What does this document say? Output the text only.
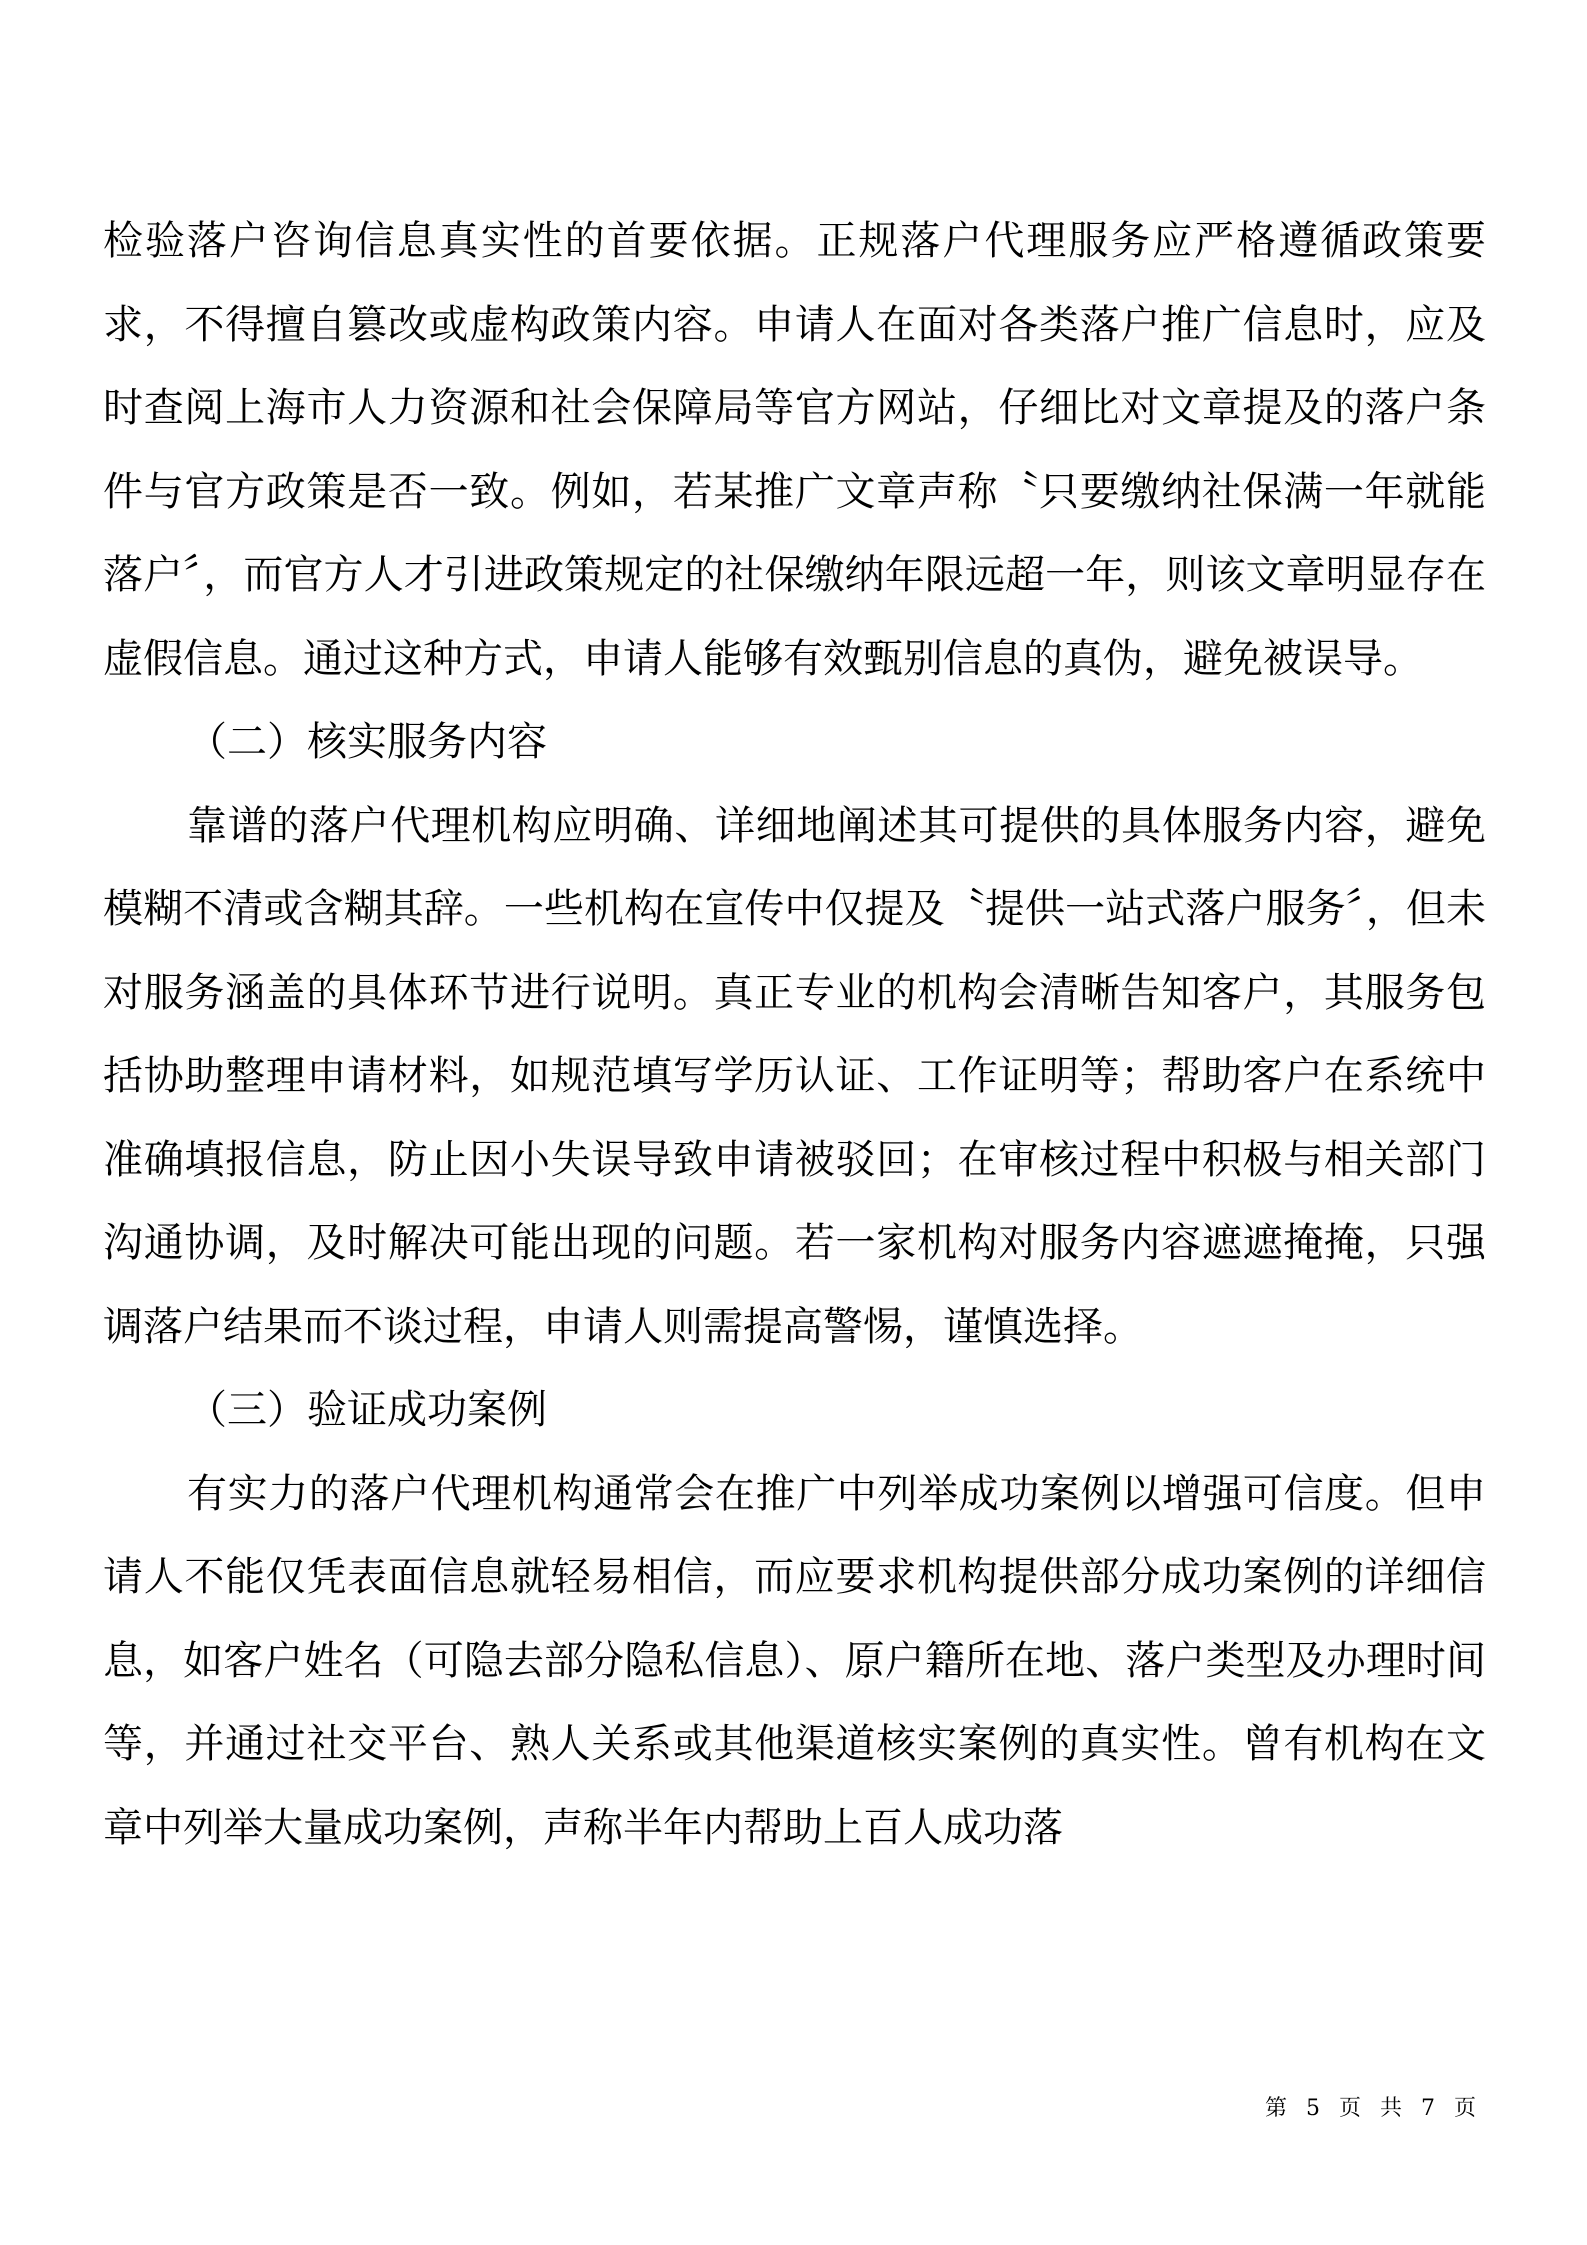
检验落户咨询信息真实性的首要依据。正规落户代理服务应严格遵循政策要求，不得擅自篡改或虚构政策内容。申请人在面对各类落户推广信息时，应及时查阅上海市人力资源和社会保障局等官方网站，仔细比对文章提及的落户条件与官方政策是否一致。例如，若某推广文章声称〝只要缴纳社保满一年就能落户〞，而官方人才引进政策规定的社保缴纳年限远超一年，则该文章明显存在虚假信息。通过这种方式，申请人能够有效甄别信息的真伪，避免被误导。

（二）核实服务内容

靠谱的落户代理机构应明确、详细地阐述其可提供的具体服务内容，避免模糊不清或含糊其辞。一些机构在宣传中仅提及〝提供一站式落户服务〞，但未对服务涵盖的具体环节进行说明。真正专业的机构会清晰告知客户，其服务包括协助整理申请材料，如规范填写学历认证、工作证明等；帮助客户在系统中准确填报信息，防止因小失误导致申请被驳回；在审核过程中积极与相关部门沟通协调，及时解决可能出现的问题。若一家机构对服务内容遮遮掩掩，只强调落户结果而不谈过程，申请人则需提高警惕，谨慎选择。

（三）验证成功案例

有实力的落户代理机构通常会在推广中列举成功案例以增强可信度。但申请人不能仅凭表面信息就轻易相信，而应要求机构提供部分成功案例的详细信息，如客户姓名（可隐去部分隐私信息）、原户籍所在地、落户类型及办理时间等，并通过社交平台、熟人关系或其他渠道核实案例的真实性。曾有机构在文章中列举大量成功案例，声称半年内帮助上百人成功落

第 5 页 共 7 页
